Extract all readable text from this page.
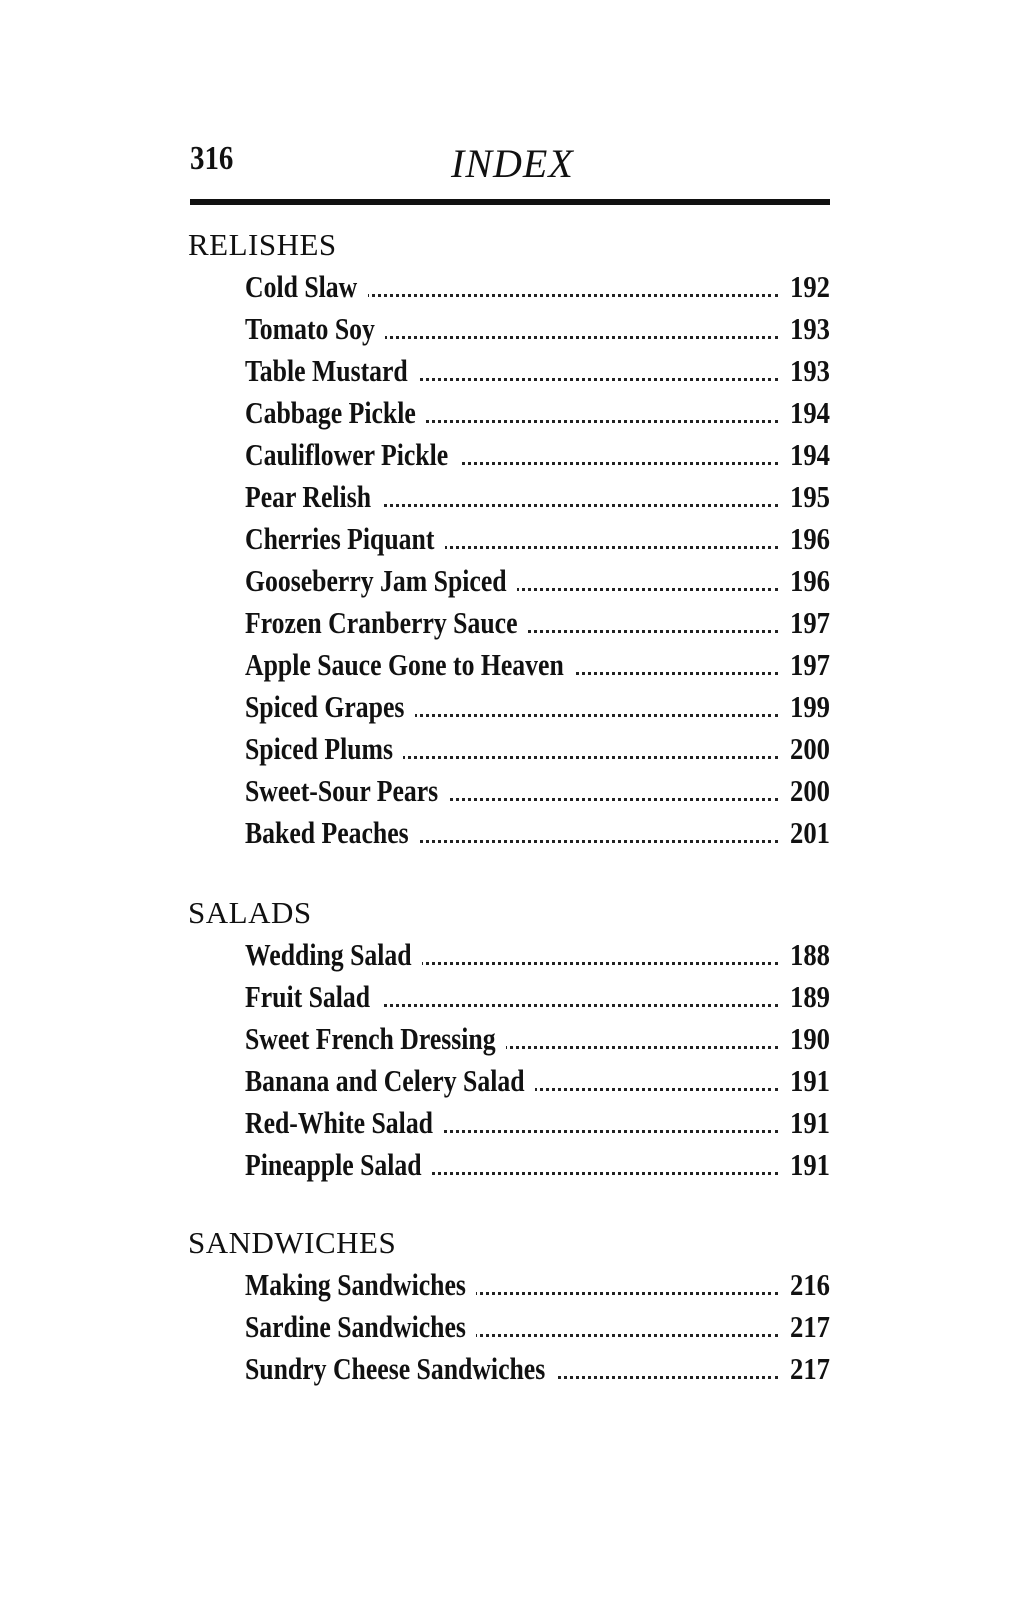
316	INDEX
RELISHES
Cold Slaw	192
Tomato Soy	193
Table Mustard	193
Cabbage Pickle	194
Cauliflower Pickle	194
Pear Relish	195
Cherries Piquant	196
Gooseberry Jam Spiced	196
Frozen Cranberry Sauce	197
Apple Sauce Gone to Heaven	197
Spiced Grapes	199
Spiced Plums	200
Sweet-Sour Pears	200
Baked Peaches	201
SALADS
Wedding Salad	188
Fruit Salad	189
Sweet French Dressing	190
Banana and Celery Salad	191
Red-White Salad	191
Pineapple Salad	191
SANDWICHES
Making Sandwiches	216
Sardine Sandwiches	217
Sundry Cheese Sandwiches	217
